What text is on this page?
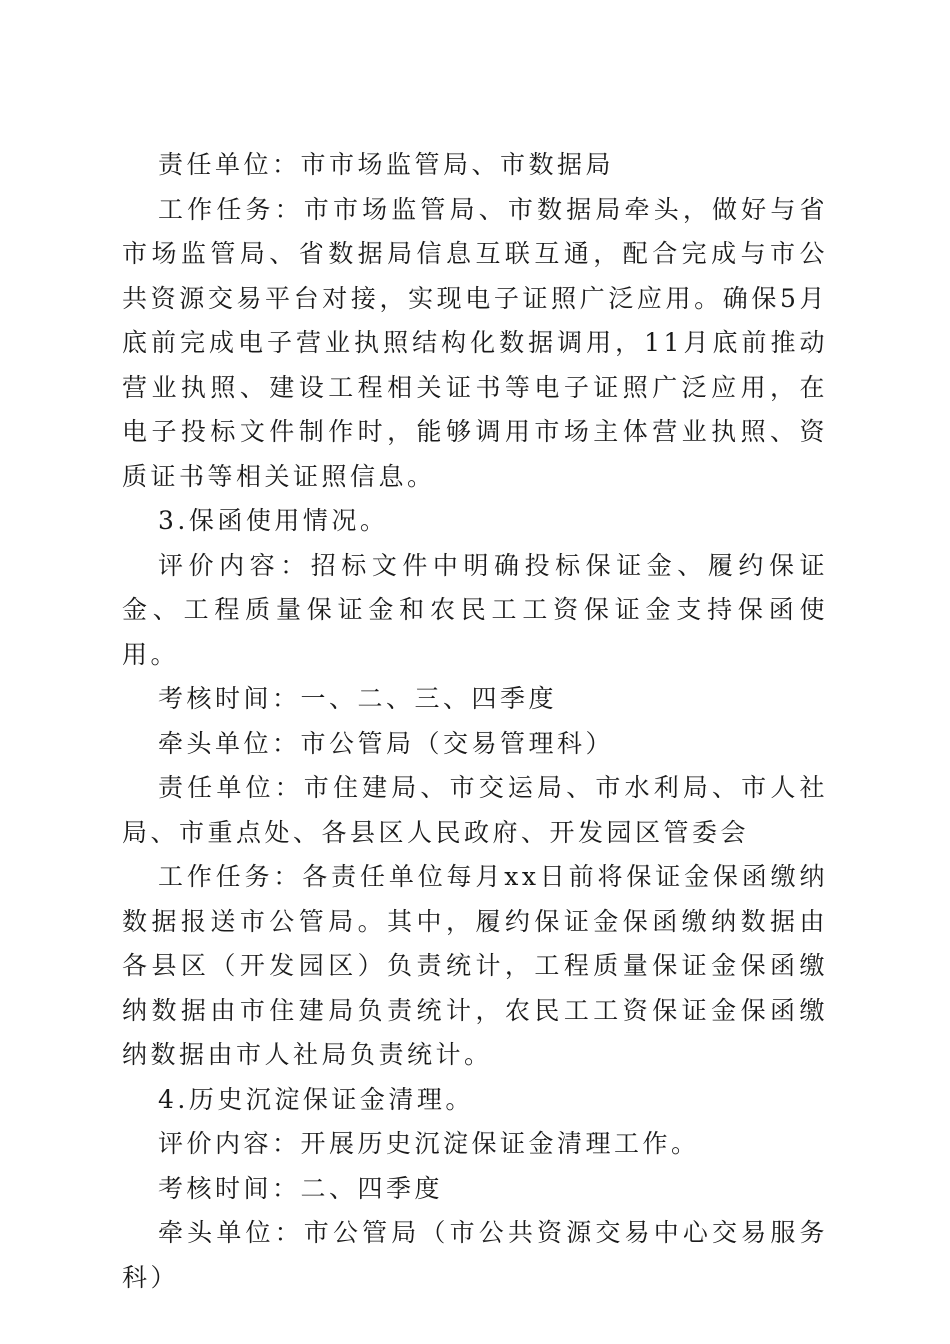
责任单位：市市场监管局、市数据局

工作任务：市市场监管局、市数据局牵头，做好与省市场监管局、省数据局信息互联互通，配合完成与市公共资源交易平台对接，实现电子证照广泛应用。确保5月底前完成电子营业执照结构化数据调用，11月底前推动营业执照、建设工程相关证书等电子证照广泛应用，在电子投标文件制作时，能够调用市场主体营业执照、资质证书等相关证照信息。

3.保函使用情况。

评价内容：招标文件中明确投标保证金、履约保证金、工程质量保证金和农民工工资保证金支持保函使用。

考核时间：一、二、三、四季度

牵头单位：市公管局（交易管理科）

责任单位：市住建局、市交运局、市水利局、市人社局、市重点处、各县区人民政府、开发园区管委会

工作任务：各责任单位每月xx日前将保证金保函缴纳数据报送市公管局。其中，履约保证金保函缴纳数据由各县区（开发园区）负责统计，工程质量保证金保函缴纳数据由市住建局负责统计，农民工工资保证金保函缴纳数据由市人社局负责统计。

4.历史沉淀保证金清理。

评价内容：开展历史沉淀保证金清理工作。

考核时间：二、四季度

牵头单位：市公管局（市公共资源交易中心交易服务科）
